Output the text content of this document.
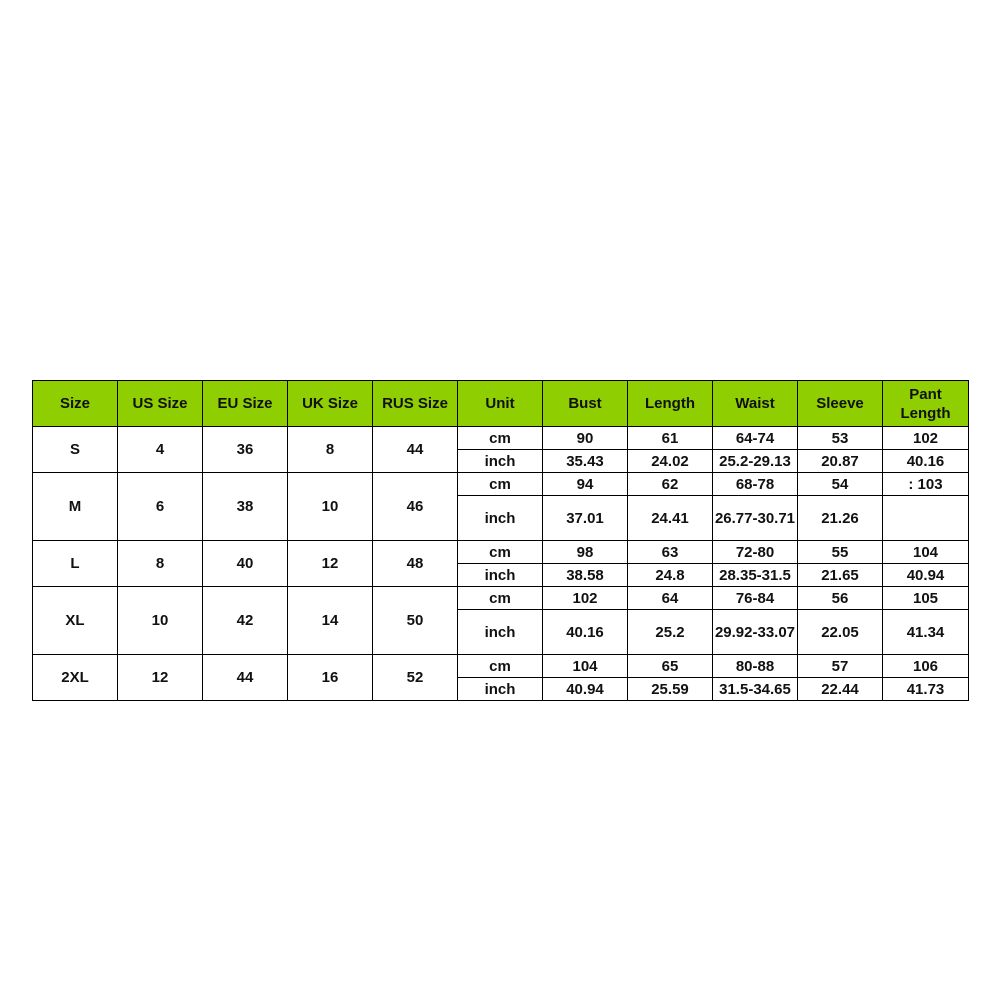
Size	US Size	EU Size	UK Size	RUS Size	Unit	Bust	Length	Waist	Sleeve	Pant Length
S	4	36	8	44	cm	90	61	64-74	53	102
					inch	35.43	24.02	25.2-29.13	20.87	40.16
M	6	38	10	46	cm	94	62	68-78	54	: 103
					inch	37.01	24.41	26.77-30.71	21.26	
L	8	40	12	48	cm	98	63	72-80	55	104
					inch	38.58	24.8	28.35-31.5	21.65	40.94
XL	10	42	14	50	cm	102	64	76-84	56	105
					inch	40.16	25.2	29.92-33.07	22.05	41.34
2XL	12	44	16	52	cm	104	65	80-88	57	106
					inch	40.94	25.59	31.5-34.65	22.44	41.73
